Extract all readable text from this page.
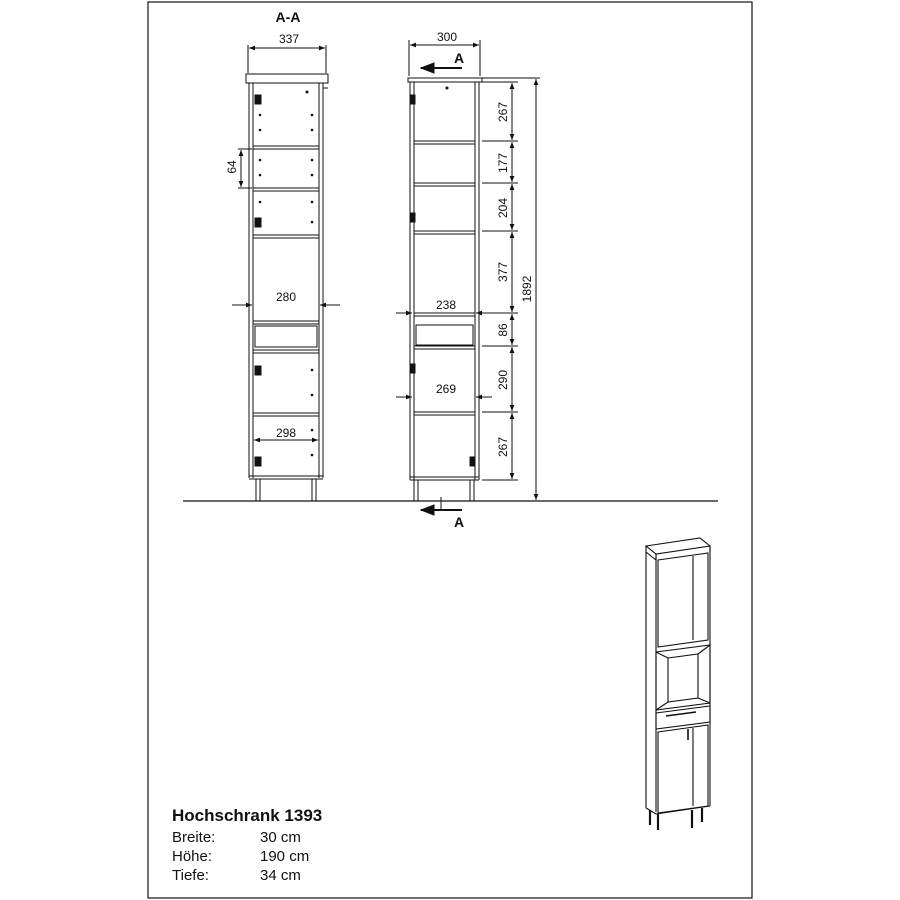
A-A
337
64
280
298
300
A
238
269
267
177
204
377
86
290
267
1892
A
Hochschrank 1393
Breite:	30 cm
Höhe:	190 cm
Tiefe:	34 cm
